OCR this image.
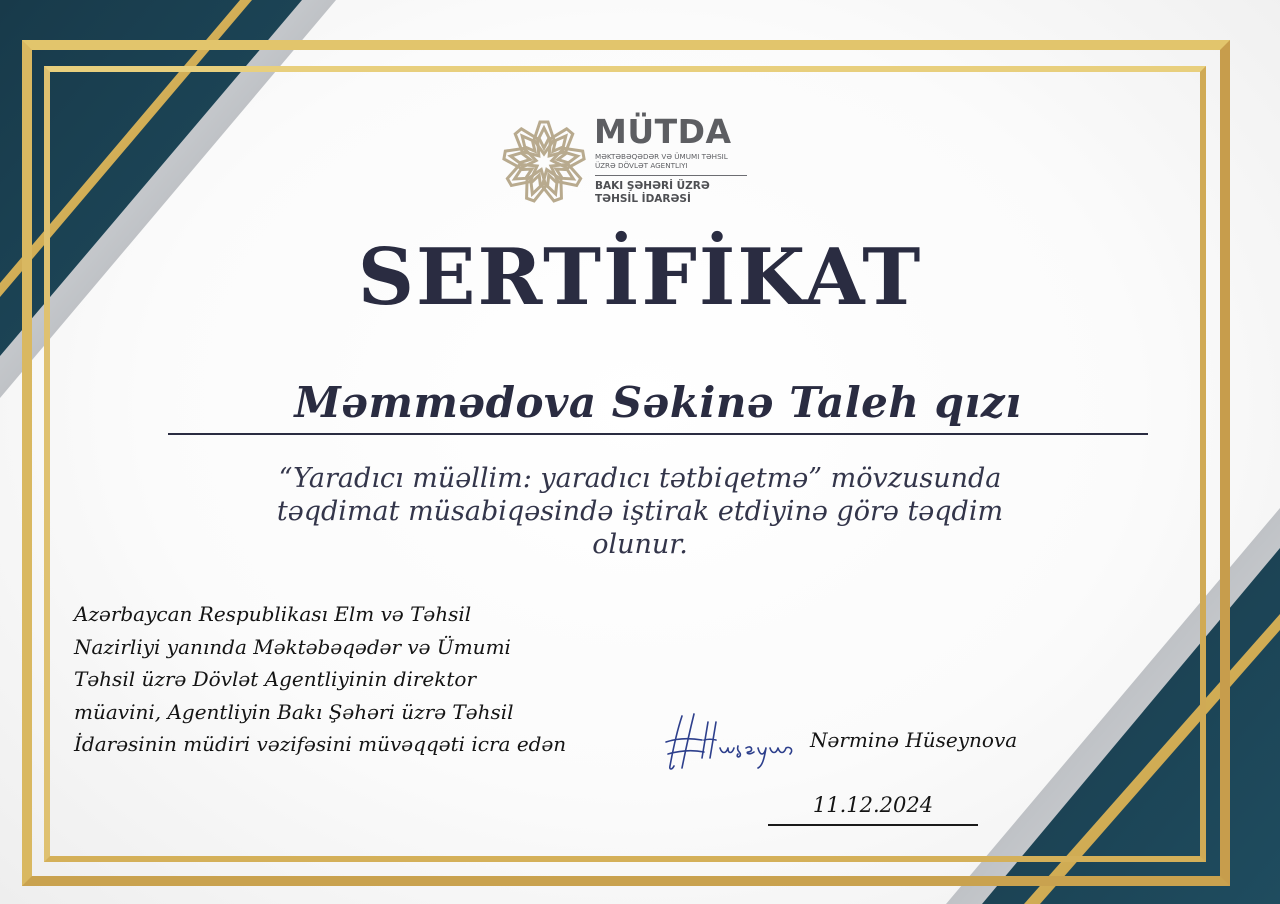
MÜTDA
MƏKTƏBƏQƏDƏR VƏ ÜMUMI TƏHSIL
ÜZRƏ DÖVLƏT AGENTLIYI
BAKI ŞƏHƏRİ ÜZRƏ
TƏHSİL İDARƏSİ
SERTİFİKAT
Məmmədova Səkinə Taleh qızı
“Yaradıcı müəllim: yaradıcı tətbiqetmə” mövzusunda
təqdimat müsabiqəsində iştirak etdiyinə görə təqdim
olunur.
Azərbaycan Respublikası Elm və Təhsil
Nazirliyi yanında Məktəbəqədər və Ümumi
Təhsil üzrə Dövlət Agentliyinin direktor
müavini, Agentliyin Bakı Şəhəri üzrə Təhsil
İdarəsinin müdiri vəzifəsini müvəqqəti icra edən
Hüseynova
Nərminə Hüseynova
11.12.2024
